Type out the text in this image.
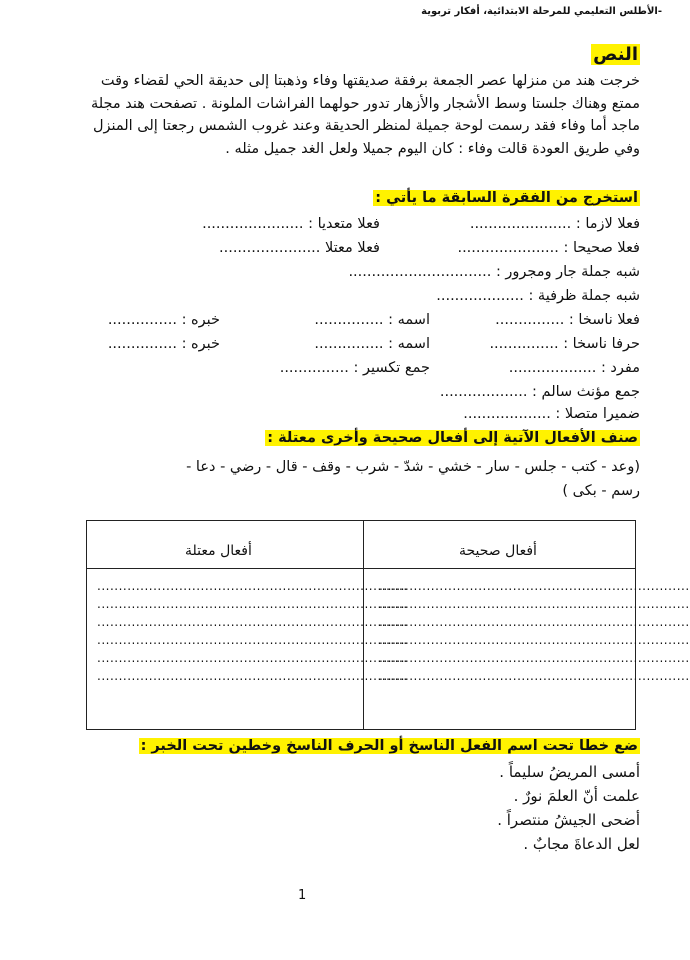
-الأطلس التعليمي للمرحلة الابتدائية، أفكار تربوية
النص

خرجت هند من منزلها عصر الجمعة برفقة صديقتها وفاء وذهبتا إلى حديقة الحي لقضاء وقت

ممتع وهناك جلستا وسط الأشجار والأزهار تدور حولهما الفراشات الملونة . تصفحت هند مجلة

ماجد أما وفاء فقد رسمت لوحة جميلة لمنظر الحديقة وعند غروب الشمس رجعتا إلى المنزل

وفي طريق العودة قالت وفاء : كان اليوم جميلا ولعل الغد جميل مثله .

استخرج من الفقرة السابقة ما يأتي :
فعلا لازما : ......................
فعلا متعديا : ......................
فعلا صحيحا : ......................
فعلا معتلا ......................
شبه جملة جار ومجرور : ...............................
شبه جملة ظرفية : ...................
فعلا ناسخا : ...............
اسمه : ...............
خبره : ...............
حرفا ناسخا : ...............
اسمه : ...............
خبره : ...............
مفرد : ...................
جمع تكسير : ...............
جمع مؤنث سالم : ...................
ضميرا متصلا : ...................
صنف الأفعال الآتية إلى أفعال صحيحة وأخرى معتلة :
(وعد - كتب - جلس - سار - خشي - شدّ - شرب - وقف - قال - رضي - دعا -
رسم - بكى )
أفعال صحيحة
أفعال معتلة
........................................................................
........................................................................
........................................................................
........................................................................
........................................................................
........................................................................
........................................................................
........................................................................
........................................................................
........................................................................
........................................................................
........................................................................
ضع خطا تحت اسم الفعل الناسخ أو الحرف الناسخ وخطين تحت الخبر :
أمسى المريضُ سليماً .
علمت أنّ العلمَ نورٌ .
أضحى الجيشُ منتصراً .
لعل الدعاةَ مجابٌ .
1
